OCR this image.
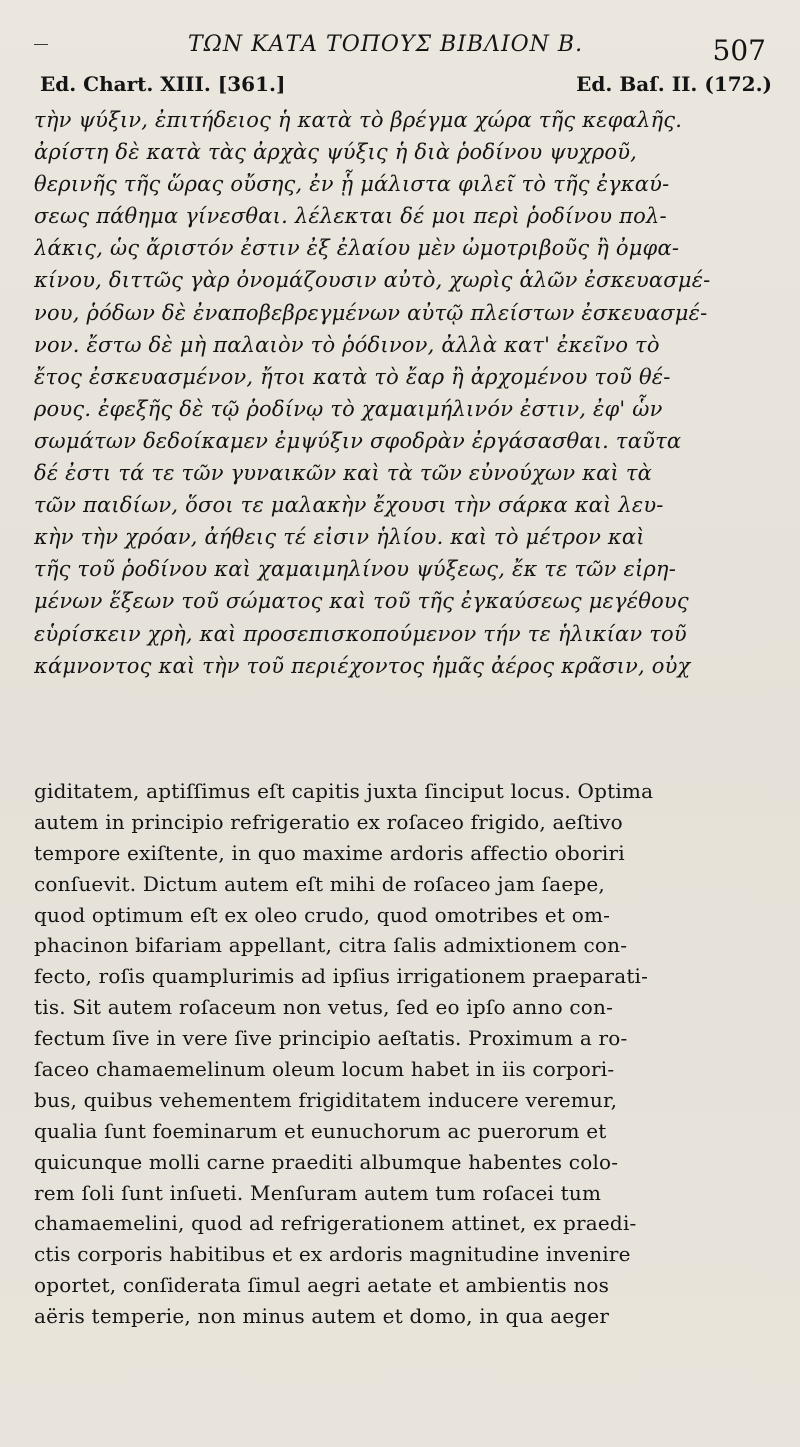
ΤΩΝ ΚΑΤΑ ΤΟΠΟΥΣ ΒΙΒΛΙΟΝ Β.	507
Ed. Chart. XIII. [361.]	Ed. Baſ. II. (172.)
τὴν ψύξιν, ἐπιτήδειος ἡ κατὰ τὸ βρέγμα χώρα τῆς κεφαλῆς.
ἀρίστη δὲ κατὰ τὰς ἀρχὰς ψύξις ἡ διὰ ῥοδίνου ψυχροῦ,
θερινῆς τῆς ὥρας οὔσης, ἐν ᾗ μάλιστα φιλεῖ τὸ τῆς ἐγκαύ-
σεως πάθημα γίνεσθαι. λέλεκται δέ μοι περὶ ῥοδίνου πολ-
λάκις, ὡς ἄριστόν ἐστιν ἐξ ἐλαίου μὲν ὠμοτριβοῦς ἢ ὀμφα-
κίνου, διττῶς γὰρ ὀνομάζουσιν αὐτὸ, χωρὶς ἁλῶν ἐσκευασμέ-
νου, ῥόδων δὲ ἐναποβεβρεγμένων αὐτῷ πλείστων ἐσκευασμέ-
νον. ἔστω δὲ μὴ παλαιὸν τὸ ῥόδινον, ἀλλὰ κατ' ἐκεῖνο τὸ
ἔτος ἐσκευασμένον, ἤτοι κατὰ τὸ ἔαρ ἢ ἀρχομένου τοῦ θέ-
ρους. ἐφεξῆς δὲ τῷ ῥοδίνῳ τὸ χαμαιμήλινόν ἐστιν, ἐφ' ὧν
σωμάτων δεδοίκαμεν ἐμψύξιν σφοδρὰν ἐργάσασθαι. ταῦτα
δέ ἐστι τά τε τῶν γυναικῶν καὶ τὰ τῶν εὐνούχων καὶ τὰ
τῶν παιδίων, ὅσοι τε μαλακὴν ἔχουσι τὴν σάρκα καὶ λευ-
κὴν τὴν χρόαν, ἀήθεις τέ εἰσιν ἡλίου. καὶ τὸ μέτρον καὶ
τῆς τοῦ ῥοδίνου καὶ χαμαιμηλίνου ψύξεως, ἔκ τε τῶν εἰρη-
μένων ἕξεων τοῦ σώματος καὶ τοῦ τῆς ἐγκαύσεως μεγέθους
εὑρίσκειν χρὴ, καὶ προσεπισκοπούμενον τήν τε ἡλικίαν τοῦ
κάμνοντος καὶ τὴν τοῦ περιέχοντος ἡμᾶς ἀέρος κρᾶσιν, οὐχ
giditatem, aptiſſimus eſt capitis juxta ſinciput locus. Optima
autem in principio refrigeratio ex roſaceo frigido, aeſtivo
tempore exiſtente, in quo maxime ardoris affectio oboriri
conſuevit. Dictum autem eſt mihi de roſaceo jam ſaepe,
quod optimum eſt ex oleo crudo, quod omotribes et om-
phacinon bifariam appellant, citra ſalis admixtionem con-
fecto, roſis quamplurimis ad ipſius irrigationem praeparati-
tis. Sit autem roſaceum non vetus, ſed eo ipſo anno con-
fectum ſive in vere ſive principio aeſtatis. Proximum a ro-
ſaceo chamaemelinum oleum locum habet in iis corpori-
bus, quibus vehementem frigiditatem inducere veremur,
qualia ſunt foeminarum et eunuchorum ac puerorum et
quicunque molli carne praediti albumque habentes colo-
rem ſoli ſunt inſueti. Menſuram autem tum roſacei tum
chamaemelini, quod ad refrigerationem attinet, ex praedi-
ctis corporis habitibus et ex ardoris magnitudine invenire
oportet, conſiderata ſimul aegri aetate et ambientis nos
aëris temperie, non minus autem et domo, in qua aeger
